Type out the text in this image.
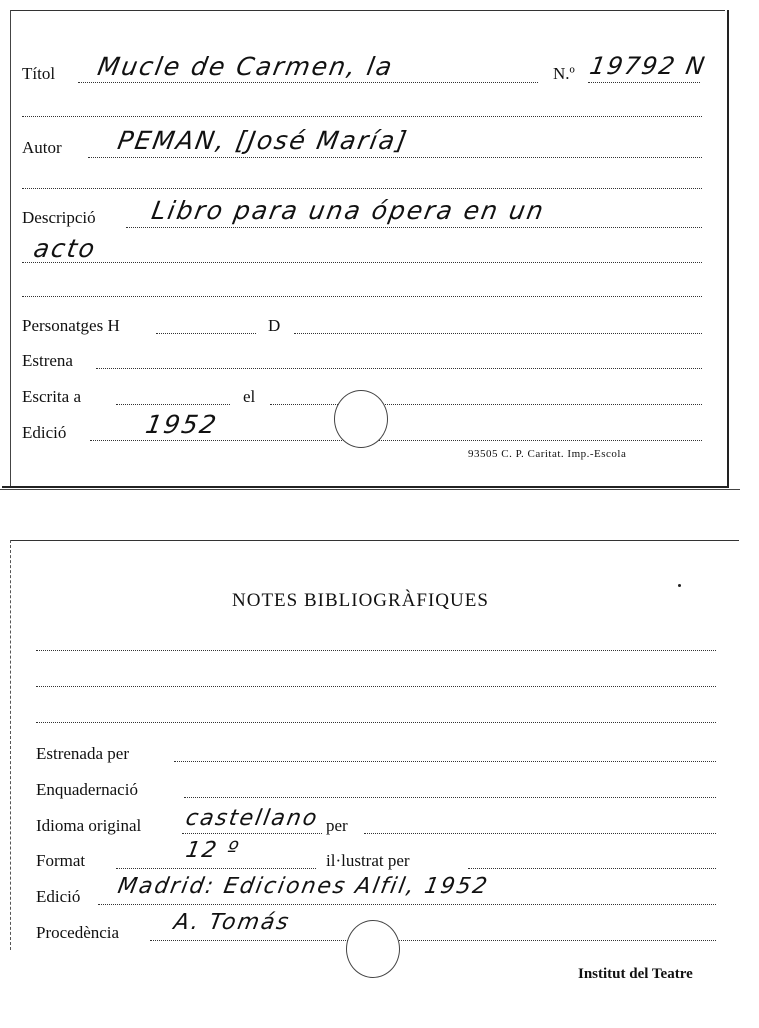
Títol Mucle de Carmen, la	N.º 19792 N
Autor PEMAN, [José María]
Descripció Libro para una ópera en un
acto
Personatges H	D
Estrena
Escrita a	el
Edició	1952
93505 C. P. Caritat. Imp.-Escola
NOTES BIBLIOGRÀFIQUES
Estrenada per
Enquadernació
Idioma original castellano per
Format	12 º	il·lustrat per
Edició Madrid: Ediciones Alfil, 1952
Procedència A. Tomás
Institut del Teatre
